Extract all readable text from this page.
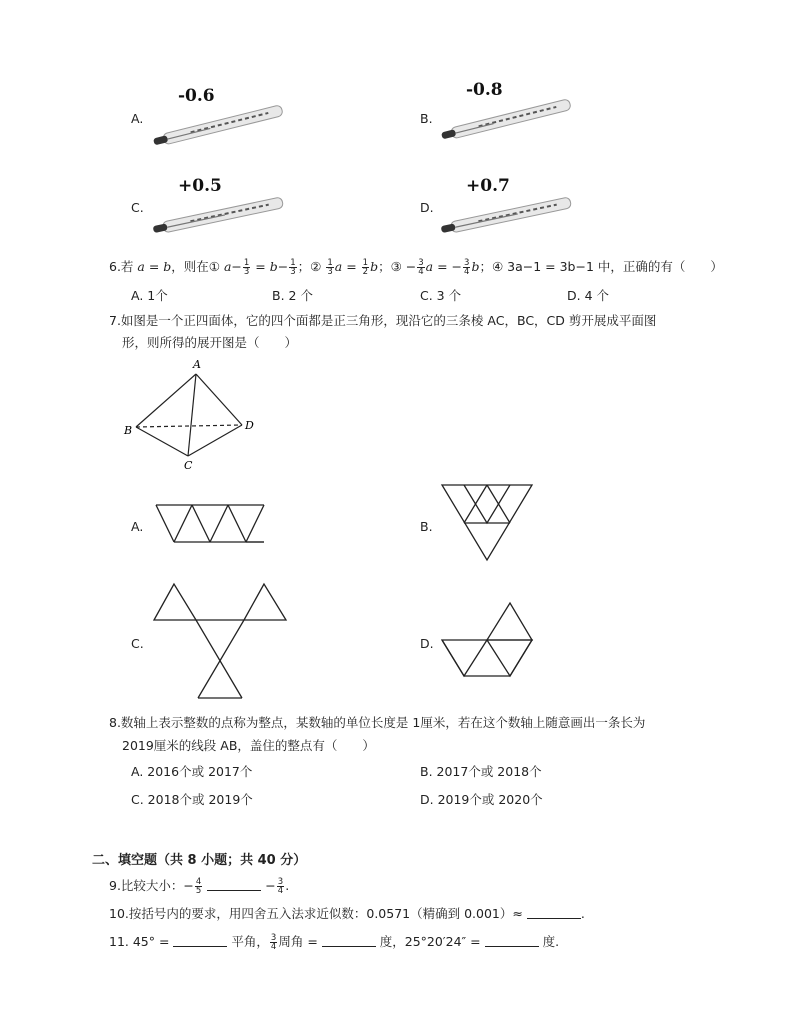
A.
-0.6
B.
-0.8
C.
+0.5
D.
+0.7
6.若 a = b，则在① $a- \frac{1}{3} = b- \frac{1}{3}$ ；② $\frac{1}{3}$ $a = \frac{1}{2}$ b；③ − $\frac{3}{4}$ a = − $\frac{3}{4}$ b；④ 3a−1 = 3b−1 中，正确的有（　　）
A. 1个	B. 2 个	C. 3 个	D. 4 个
7.如图是一个正四面体，它的四个面都是正三角形，现沿它的三条棱 AC，BC，CD 剪开展成平面图
形，则所得的展开图是（　　）
A
B
C
D
A.	B.
C.	D.
8.数轴上表示整数的点称为整点，某数轴的单位长度是 1厘米，若在这个数轴上随意画出一条长为
2019厘米的线段 AB，盖住的整点有（　　）
A. 2016个或 2017个	B. 2017个或 2018个
C. 2018个或 2019个	D. 2019个或 2020个
二、填空题（共 8 小题；共 40 分）
9.比较大小：− $\frac{4}{5}$	− $\frac{3}{4}$ .
10.按括号内的要求，用四舍五入法求近似数：0.0571（精确到 0.001）≈	.
11. 45° =	平角， $\frac{3}{4}$ 周角 =	度，25°20′24″ =	度.
